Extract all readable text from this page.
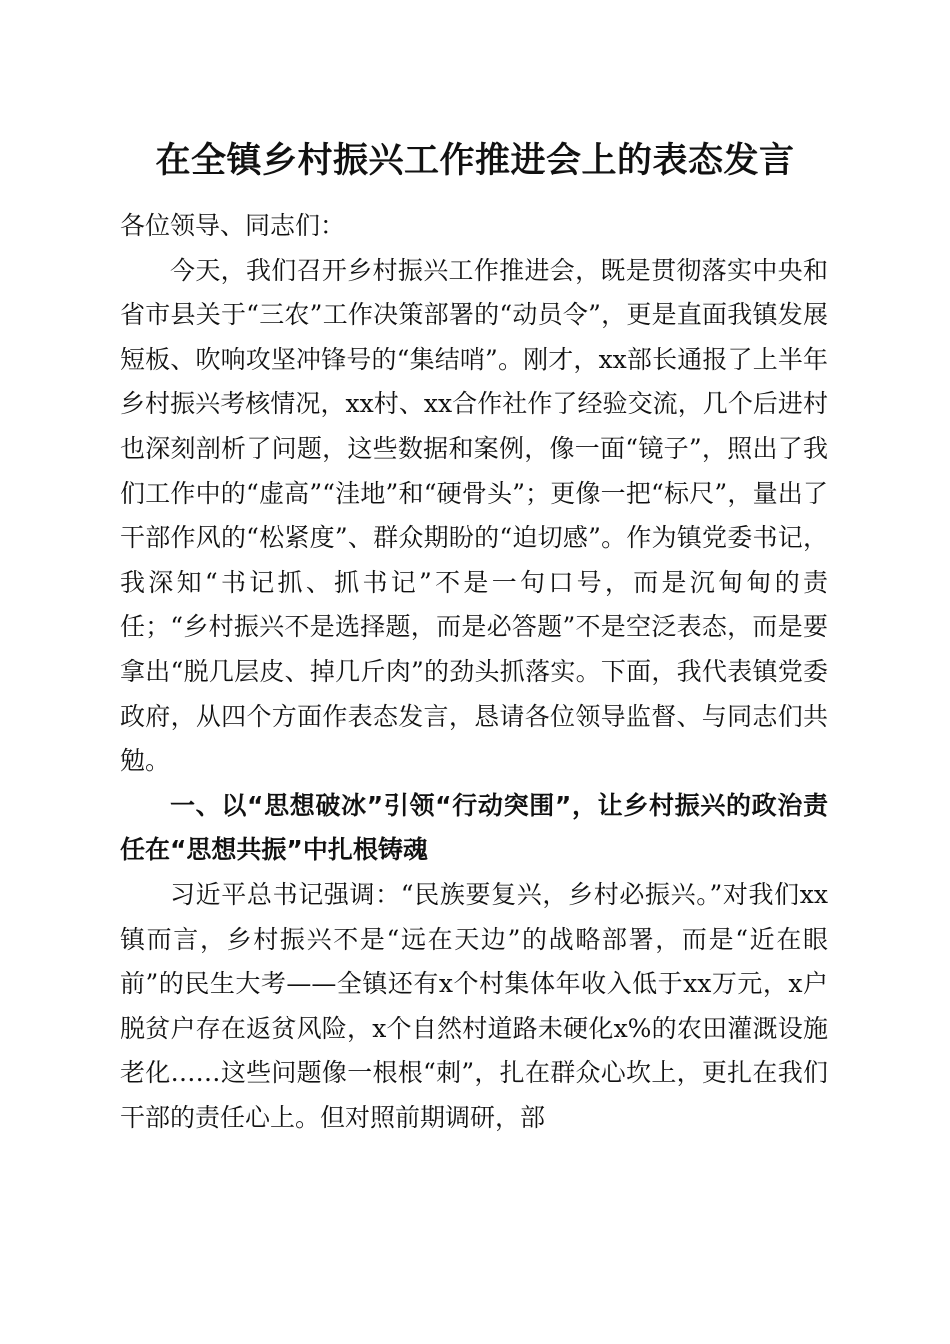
在全镇乡村振兴工作推进会上的表态发言

各位领导、同志们：

今天，我们召开乡村振兴工作推进会，既是贯彻落实中央和省市县关于“三农”工作决策部署的“动员令”，更是直面我镇发展短板、吹响攻坚冲锋号的“集结哨”。刚才，xx部长通报了上半年乡村振兴考核情况，xx村、xx合作社作了经验交流，几个后进村也深刻剖析了问题，这些数据和案例，像一面“镜子”，照出了我们工作中的“虚高”“洼地”和“硬骨头”；更像一把“标尺”，量出了干部作风的“松紧度”、群众期盼的“迫切感”。作为镇党委书记，我深知“书记抓、抓书记”不是一句口号，而是沉甸甸的责任；“乡村振兴不是选择题，而是必答题”不是空泛表态，而是要拿出“脱几层皮、掉几斤肉”的劲头抓落实。下面，我代表镇党委政府，从四个方面作表态发言，恳请各位领导监督、与同志们共勉。

一、以“思想破冰”引领“行动突围”，让乡村振兴的政治责任在“思想共振”中扎根铸魂

习近平总书记强调：“民族要复兴，乡村必振兴。”对我们xx镇而言，乡村振兴不是“远在天边”的战略部署，而是“近在眼前”的民生大考——全镇还有x个村集体年收入低于xx万元，x户脱贫户存在返贫风险，x个自然村道路未硬化x%的农田灌溉设施老化……这些问题像一根根“刺”，扎在群众心坎上，更扎在我们干部的责任心上。但对照前期调研，部
